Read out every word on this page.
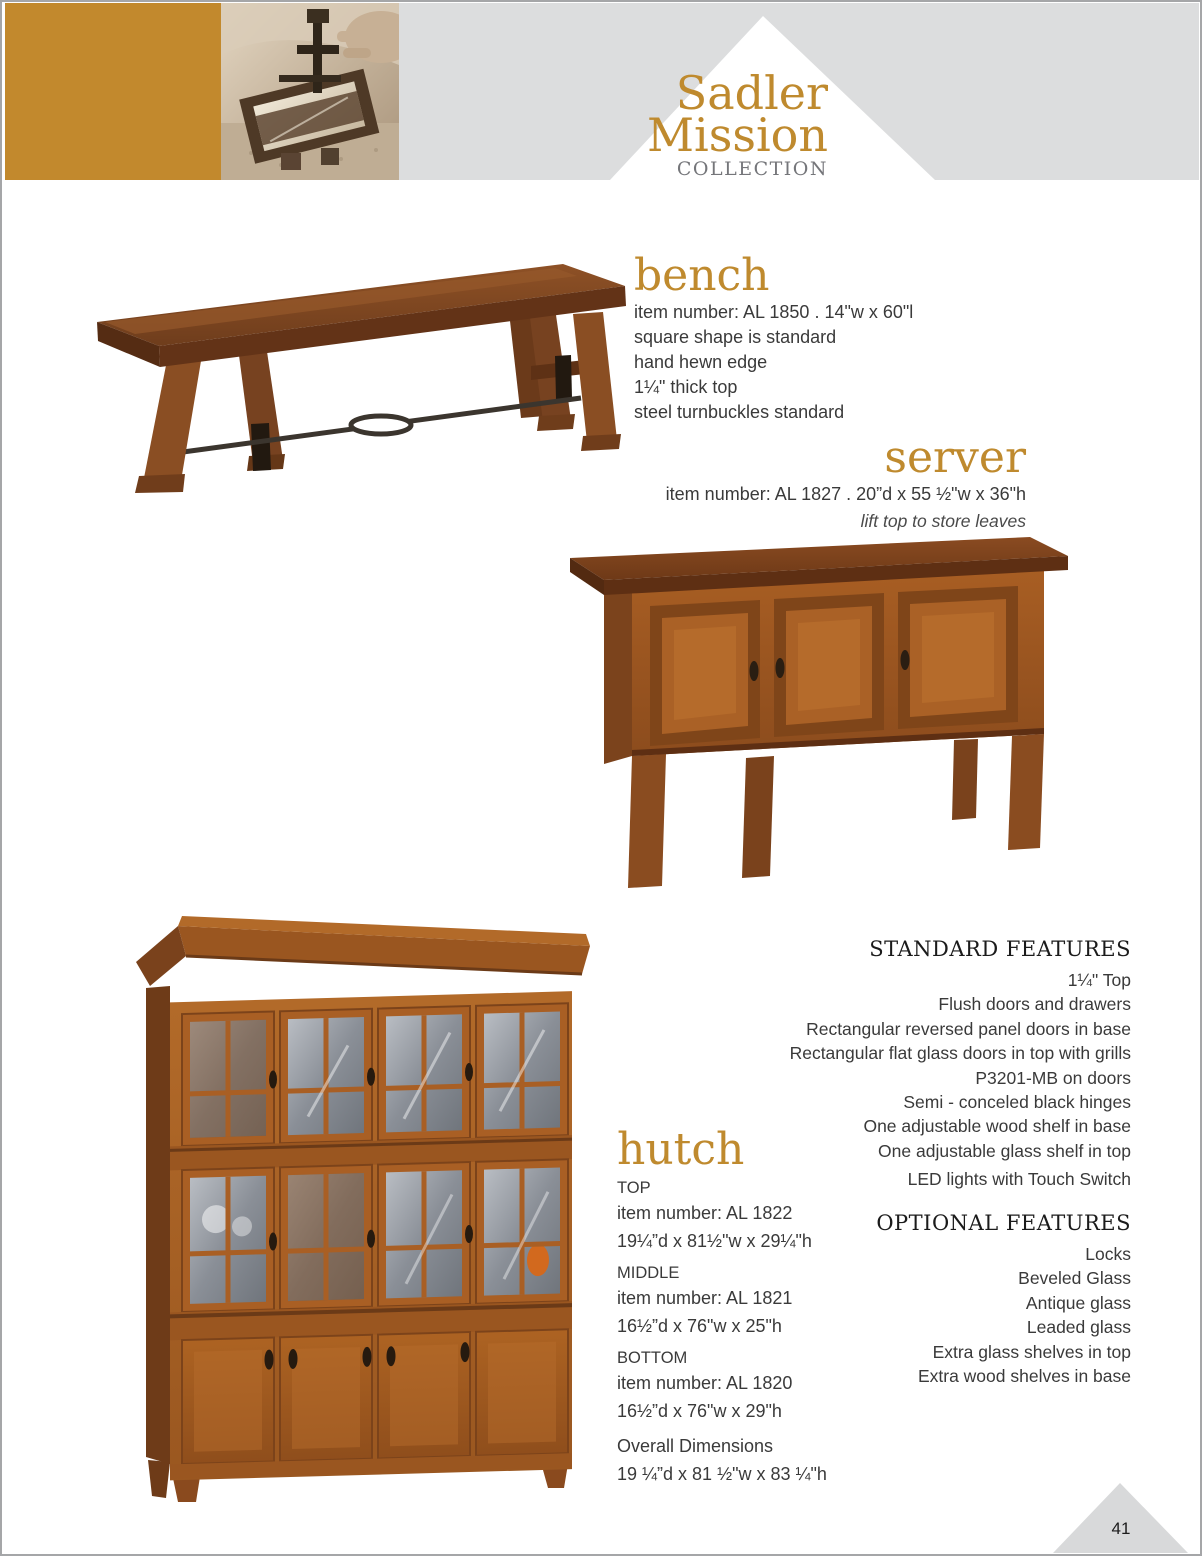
Sadler
Mission
COLLECTION
bench
item number: AL 1850 . 14"w x 60"l
square shape is standard
hand hewn edge
1¼" thick top
steel turnbuckles standard
server
item number: AL 1827 . 20”d x 55 ½"w x 36"h
lift top to store leaves
STANDARD FEATURES
1¼" Top
Flush doors and drawers
Rectangular reversed panel doors in base
Rectangular flat glass doors in top with grills
P3201-MB on doors
Semi - conceled black hinges
One adjustable wood shelf in base
One adjustable glass shelf in top
LED lights with Touch Switch
hutch
TOP
item number: AL 1822
19¼”d x 81½"w x 29¼"h
MIDDLE
item number: AL 1821
16½”d x 76"w x 25"h
BOTTOM
item number: AL 1820
16½”d x 76"w x 29"h
Overall Dimensions
19 ¼”d x 81 ½"w x 83 ¼"h
OPTIONAL FEATURES
Locks
Beveled Glass
Antique glass
Leaded glass
Extra glass shelves in top
Extra wood shelves in base
41
